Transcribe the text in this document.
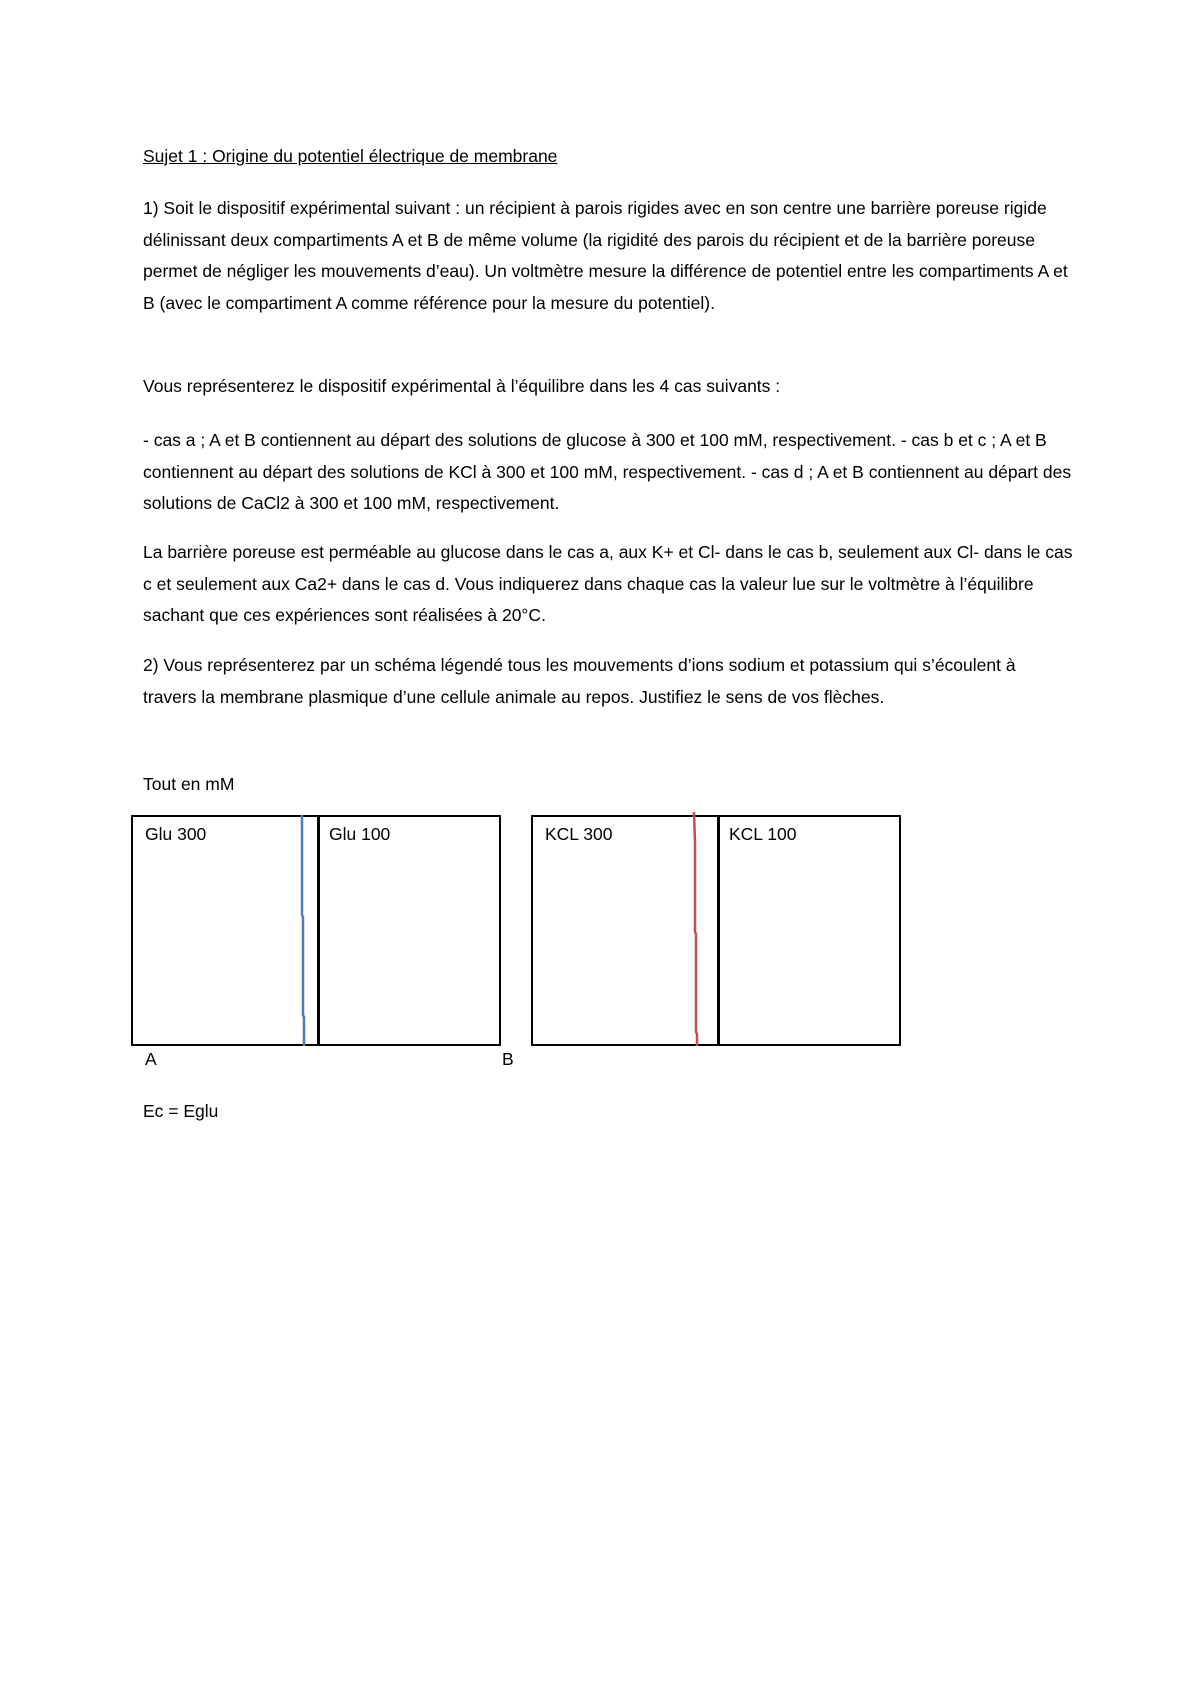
Sujet 1 : Origine du potentiel électrique de membrane

1) Soit le dispositif expérimental suivant : un récipient à parois rigides avec en son centre une barrière poreuse rigide délinissant deux compartiments A et B de même volume (la rigidité des parois du récipient et de la barrière poreuse permet de négliger les mouvements d’eau). Un voltmètre mesure la différence de potentiel entre les compartiments A et B (avec le compartiment A comme référence pour la mesure du potentiel).

Vous représenterez le dispositif expérimental à l’équilibre dans les 4 cas suivants :

- cas a ; A et B contiennent au départ des solutions de glucose à 300 et 100 mM, respectivement. - cas b et c ; A et B contiennent au départ des solutions de KCl à 300 et 100 mM, respectivement. - cas d ; A et B contiennent au départ des solutions de CaCl2 à 300 et 100 mM, respectivement.

La barrière poreuse est perméable au glucose dans le cas a, aux K+ et Cl- dans le cas b, seulement aux Cl- dans le cas c et seulement aux Ca2+ dans le cas d. Vous indiquerez dans chaque cas la valeur lue sur le voltmètre à l’équilibre sachant que ces expériences sont réalisées à 20°C.

2) Vous représenterez par un schéma légendé tous les mouvements d’ions sodium et potassium qui s’écoulent à travers la membrane plasmique d’une cellule animale au repos. Justifiez le sens de vos flèches.

Tout en mM
Glu 300	Glu 100	KCL 300	KCL 100
A	B
Ec = Eglu
